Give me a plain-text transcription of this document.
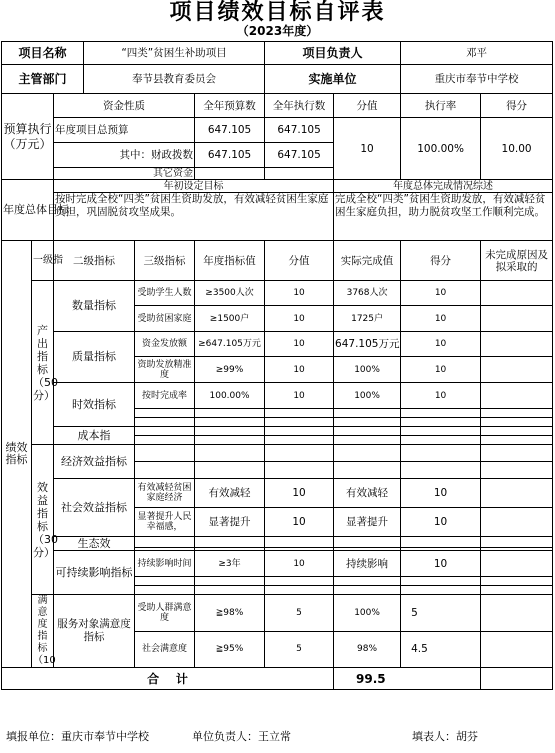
项目绩效目标自评表
（2023年度）
项目名称			“四类”贫困生补助项目			项目负责人		邓平	
主管部门			奉节县教育委员会			实施单位		重庆市奉节中学校	
预算执行
（万元）		资金性质			全年预算数	全年执行数	分值	执行率	得分
		年度项目总预算			647.105	647.105	10	100.00%	10.00
		其中：财政拨数			647.105	647.105			
		其它资金							
年度总体目标		年初设定目标					年度总体完成情况综述		
		按时完成全校“四类”贫困生资助发放，有效减轻贫困生家庭负担，巩固脱贫攻坚成果。					完成全校“四类”贫困生资助发放，有效减轻贫困生家庭负担，助力脱贫攻坚工作顺利完成。		
绩效指标	一级指	二级指标		三级指标	年度指标值	分值	实际完成值	得分	未完成原因及拟采取的
	产出指标（50分）	数量指标		受助学生人数	≥3500人次	10	3768人次	10	
				受助贫困家庭	≥1500户	10	1725户	10	
		质量指标		资金发放额	≥647.105万元	10	647.105万元	10	
				资助发放精准度	≥99%	10	100%	10	
		时效指标		按时完成率	100.00%	10	100%	10	

		成本指							

	效益指标（30分）	经济效益指标							

		社会效益指标		有效减轻贫困家庭经济	有效减轻	10	有效减轻	10	
				显著提升人民幸福感，	显著提升	10	显著提升	10	
		生态效							

		可持续影响指标		持续影响时间	≥3年	10	持续影响	10	

	满意度指标（10	服务对象满意度指标		受助人群满意度	≧98%	5	100%	5	
				社会满意度	≧95%	5	98%	4.5	
合    计							99.5		
填报单位：重庆市奉节中学校	单位负责人：王立常	填表人：胡芬
